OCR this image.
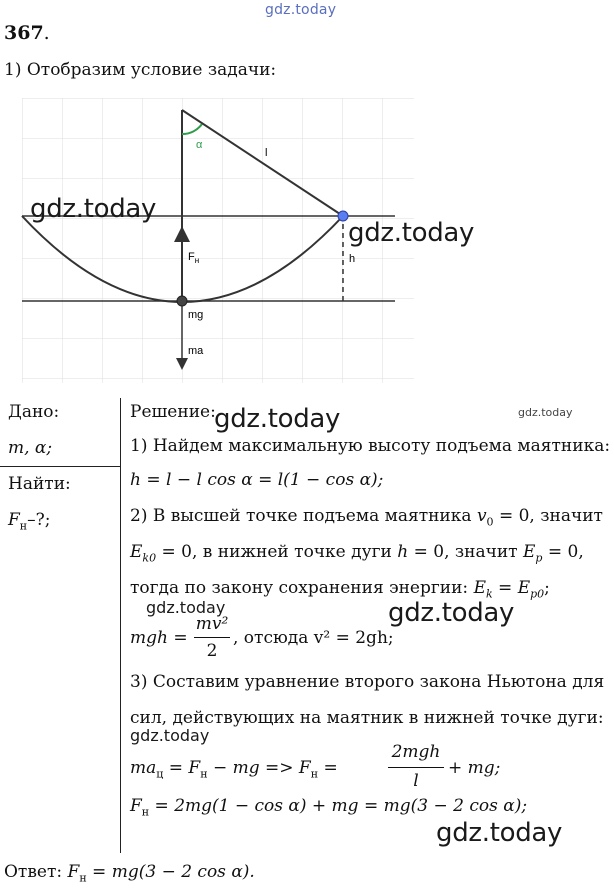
gdz.today
367.
1) Отобразим условие задачи:
α
l
h
$F_н$
mg
ma
gdz.today
gdz.today
Дано:
m, α;
Найти:
$F_н-$?;
Решение:
gdz.today	gdz.today
1) Найдем максимальную высоту подъема маятника:
h = l − l cos α = l(1 − cos α);
2) В высшей точке подъема маятника $v_0 = 0$, значит
$E_{k0} = 0$, в нижней точке дуги h = 0, значит $E_p = 0$,
тогда по закону сохранения энергии: $E_k = E_{p0}$;
gdz.today	gdz.today
mgh =
mv²
2
, отсюда v² = 2gh;
3) Составим уравнение второго закона Ньютона для
сил, действующих на маятник в нижней точке дуги:
gdz.today
$ma_ц = F_н$ − mg => $F_н$ =
2mgh
l
+ mg;
$F_н = 2mg(1 - \cos \alpha)$ + mg = mg(3 − 2 cos α);
gdz.today
Ответ: $F_н = mg(3 - 2$ cos α).
